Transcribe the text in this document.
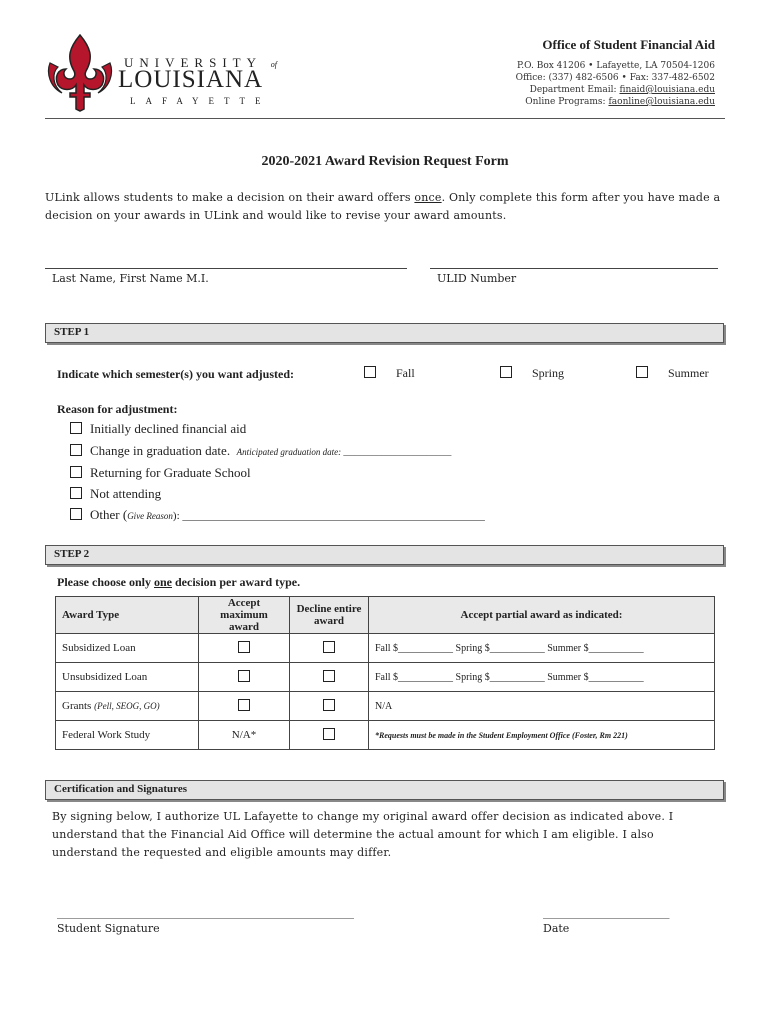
UNIVERSITY of
LOUISIANA
LAFAYETTE
Office of Student Financial Aid
P.O. Box 41206 • Lafayette, LA 70504-1206
Office: (337) 482-6506 • Fax: 337-482-6502
Department Email: finaid@louisiana.edu
Online Programs: faonline@louisiana.edu
2020-2021 Award Revision Request Form
ULink allows students to make a decision on their award offers once. Only complete this form after you have made a decision on your awards in ULink and would like to revise your award amounts.
Last Name, First Name M.I.	ULID Number
STEP 1
Indicate which semester(s) you want adjusted:	Fall	Spring	Summer
Reason for adjustment:
Initially declined financial aid
Change in graduation date. Anticipated graduation date: ________________________
Returning for Graduate School
Not attending
Other (Give Reason): _______________________________________________________
STEP 2
Please choose only one decision per award type.
Award Type	Accept maximum award	Decline entire award	Accept partial award as indicated:
Subsidized Loan			Fall $___________ Spring $___________ Summer $___________
Unsubsidized Loan			Fall $___________ Spring $___________ Summer $___________
Grants (Pell, SEOG, GO)			N/A
Federal Work Study	N/A*		*Requests must be made in the Student Employment Office (Foster, Rm 221)
Certification and Signatures
By signing below, I authorize UL Lafayette to change my original award offer decision as indicated above. I understand that the Financial Aid Office will determine the actual amount for which I am eligible. I also understand the requested and eligible amounts may differ.
______________________________________________________
Student Signature
_______________________
Date
